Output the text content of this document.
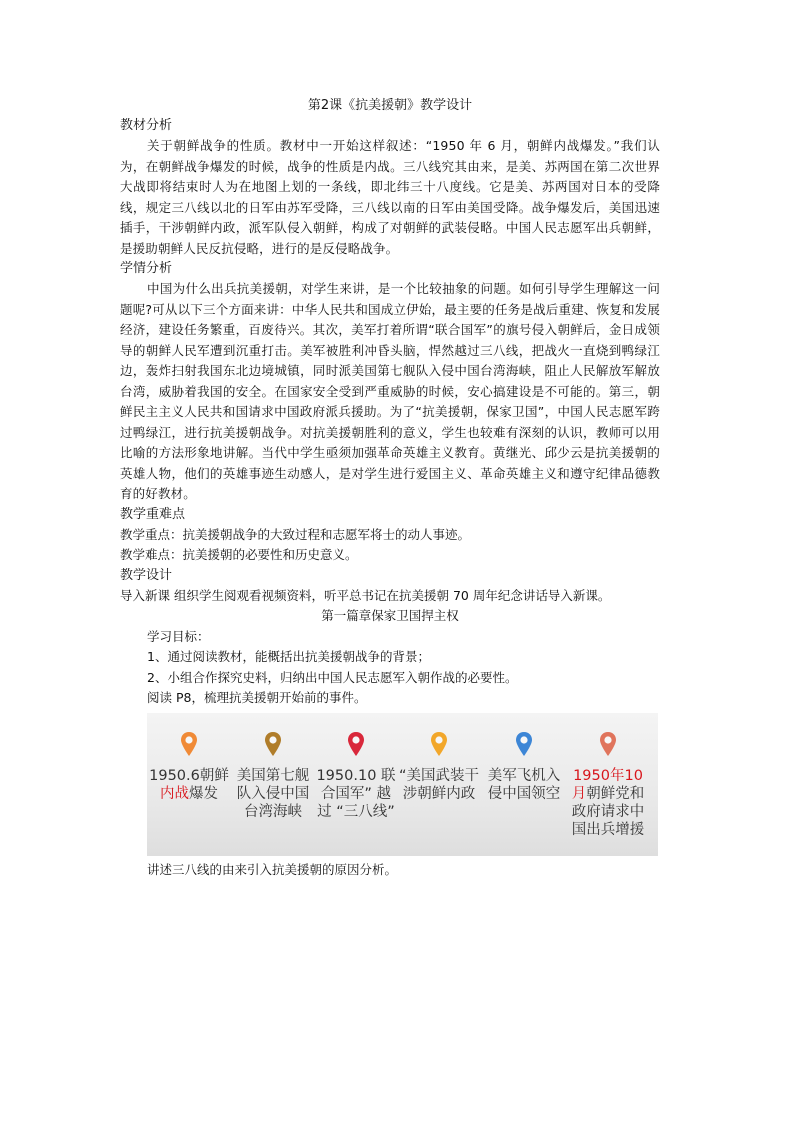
第2课《抗美援朝》教学设计
教材分析
关于朝鲜战争的性质。教材中一开始这样叙述：“1950 年 6 月，朝鲜内战爆发。”我们认为，在朝鲜战争爆发的时候，战争的性质是内战。三八线究其由来，是美、苏两国在第二次世界大战即将结束时人为在地图上划的一条线，即北纬三十八度线。它是美、苏两国对日本的受降线，规定三八线以北的日军由苏军受降，三八线以南的日军由美国受降。战争爆发后，美国迅速插手，干涉朝鲜内政，派军队侵入朝鲜，构成了对朝鲜的武装侵略。中国人民志愿军出兵朝鲜，是援助朝鲜人民反抗侵略，进行的是反侵略战争。
学情分析
中国为什么出兵抗美援朝，对学生来讲，是一个比较抽象的问题。如何引导学生理解这一问题呢?可从以下三个方面来讲：中华人民共和国成立伊始，最主要的任务是战后重建、恢复和发展经济，建设任务繁重，百废待兴。其次，美军打着所谓“联合国军”的旗号侵入朝鲜后，金日成领导的朝鲜人民军遭到沉重打击。美军被胜利冲昏头脑，悍然越过三八线，把战火一直烧到鸭绿江边，轰炸扫射我国东北边境城镇，同时派美国第七舰队入侵中国台湾海峡，阻止人民解放军解放台湾，威胁着我国的安全。在国家安全受到严重威胁的时候，安心搞建设是不可能的。第三，朝鲜民主主义人民共和国请求中国政府派兵援助。为了“抗美援朝，保家卫国”，中国人民志愿军跨过鸭绿江，进行抗美援朝战争。对抗美援朝胜利的意义，学生也较难有深刻的认识，教师可以用比喻的方法形象地讲解。当代中学生亟须加强革命英雄主义教育。黄继光、邱少云是抗美援朝的英雄人物，他们的英雄事迹生动感人，是对学生进行爱国主义、革命英雄主义和遵守纪律品德教育的好教材。
教学重难点
教学重点：抗美援朝战争的大致过程和志愿军将士的动人事迹。
教学难点：抗美援朝的必要性和历史意义。
教学设计
导入新课 组织学生阅观看视频资料，听平总书记在抗美援朝 70 周年纪念讲话导入新课。
第一篇章保家卫国捍主权
学习目标：
1、通过阅读教材，能概括出抗美援朝战争的背景；
2、小组合作探究史料，归纳出中国人民志愿军入朝作战的必要性。
阅读 P8，梳理抗美援朝开始前的事件。
1950.6朝鲜内战爆发
美国第七舰队入侵中国台湾海峡
1950.10 联合国军” 越过 “三八线”
“美国武装干涉朝鲜内政
美军飞机入侵中国领空
1950年10月朝鲜党和政府请求中国出兵增援
讲述三八线的由来引入抗美援朝的原因分析。
